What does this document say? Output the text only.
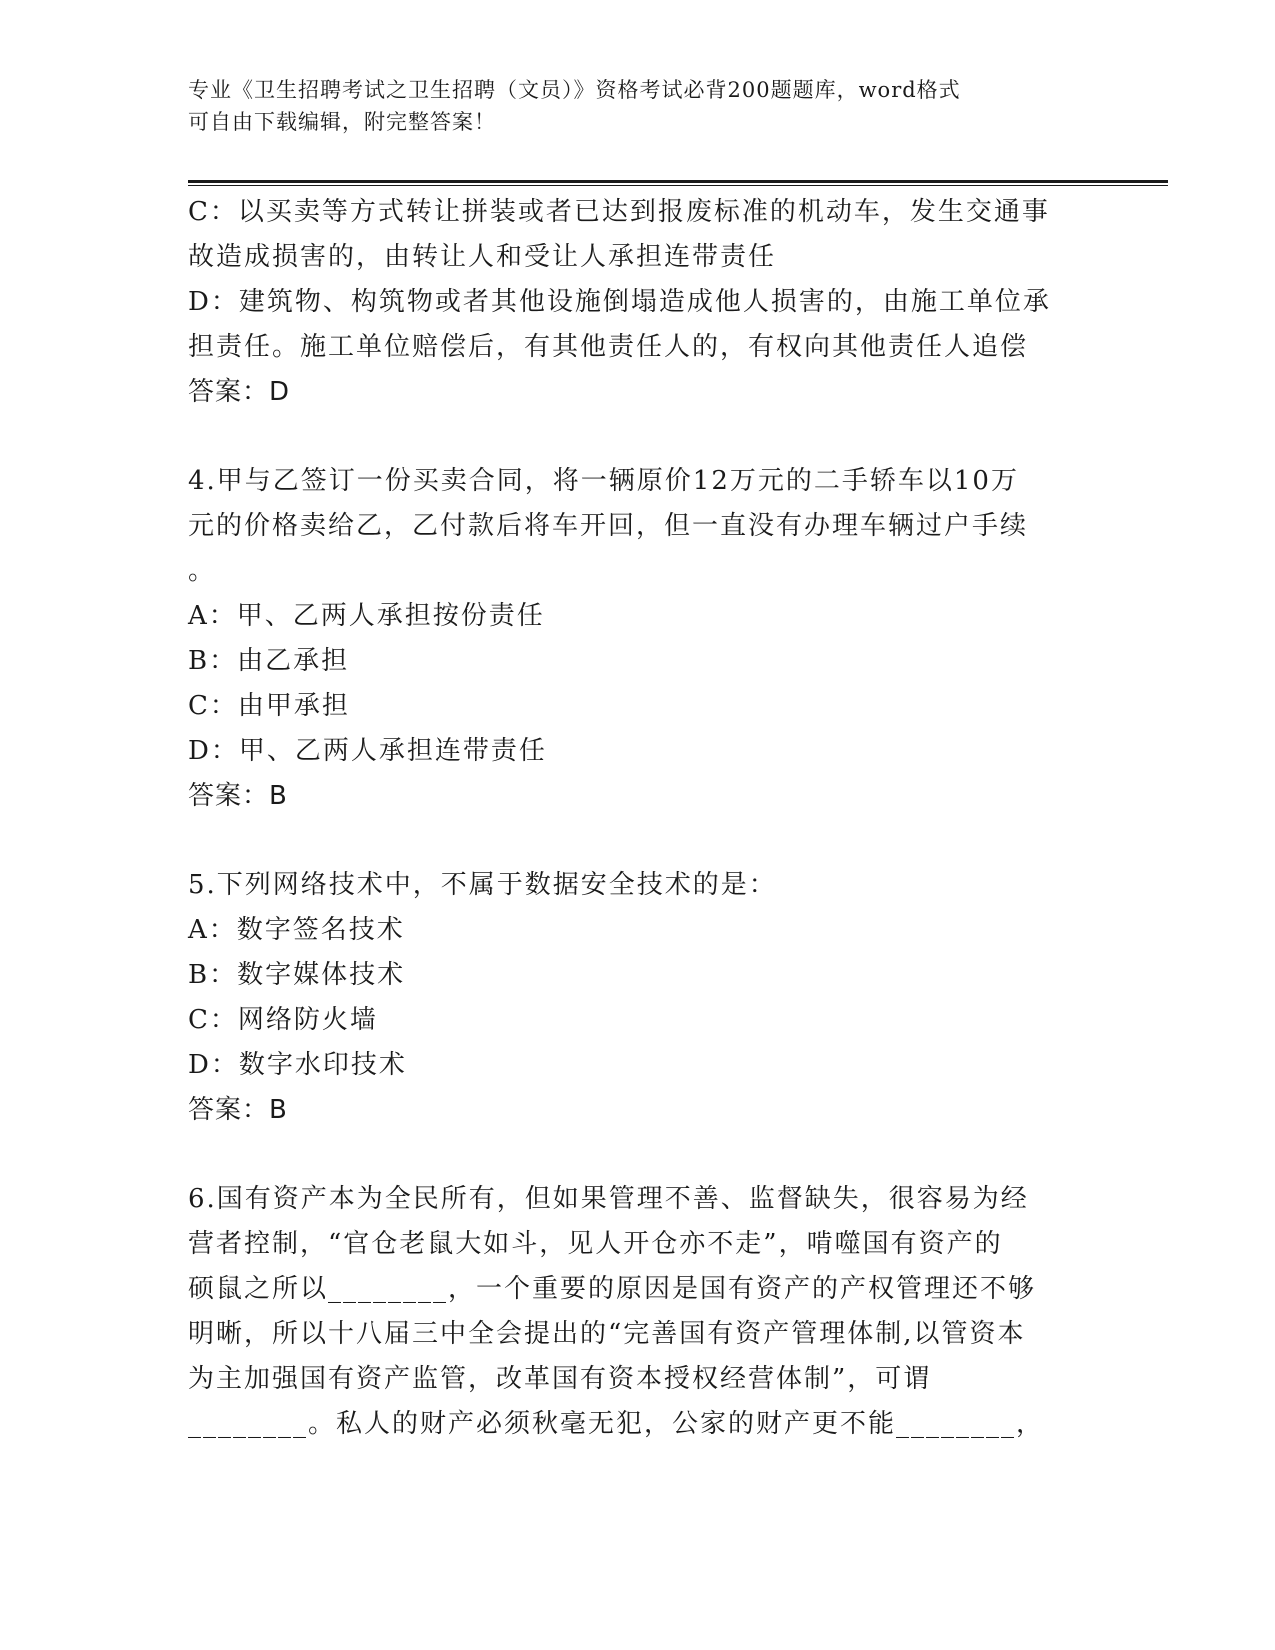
专业《卫生招聘考试之卫生招聘（文员）》资格考试必背200题题库，word格式
可自由下载编辑，附完整答案！
C：以买卖等方式转让拼装或者已达到报废标准的机动车，发生交通事
故造成损害的，由转让人和受让人承担连带责任
D：建筑物、构筑物或者其他设施倒塌造成他人损害的，由施工单位承
担责任。施工单位赔偿后，有其他责任人的，有权向其他责任人追偿
答案：D
4.甲与乙签订一份买卖合同，将一辆原价12万元的二手轿车以10万
元的价格卖给乙，乙付款后将车开回，但一直没有办理车辆过户手续
。
A：甲、乙两人承担按份责任
B：由乙承担
C：由甲承担
D：甲、乙两人承担连带责任
答案：B
5.下列网络技术中，不属于数据安全技术的是：
A：数字签名技术
B：数字媒体技术
C：网络防火墙
D：数字水印技术
答案：B
6.国有资产本为全民所有，但如果管理不善、监督缺失，很容易为经
营者控制，“官仓老鼠大如斗，见人开仓亦不走”，啃噬国有资产的
硕鼠之所以________，一个重要的原因是国有资产的产权管理还不够
明晰，所以十八届三中全会提出的“完善国有资产管理体制,以管资本
为主加强国有资产监管，改革国有资本授权经营体制”，可谓
________。私人的财产必须秋毫无犯，公家的财产更不能________，
